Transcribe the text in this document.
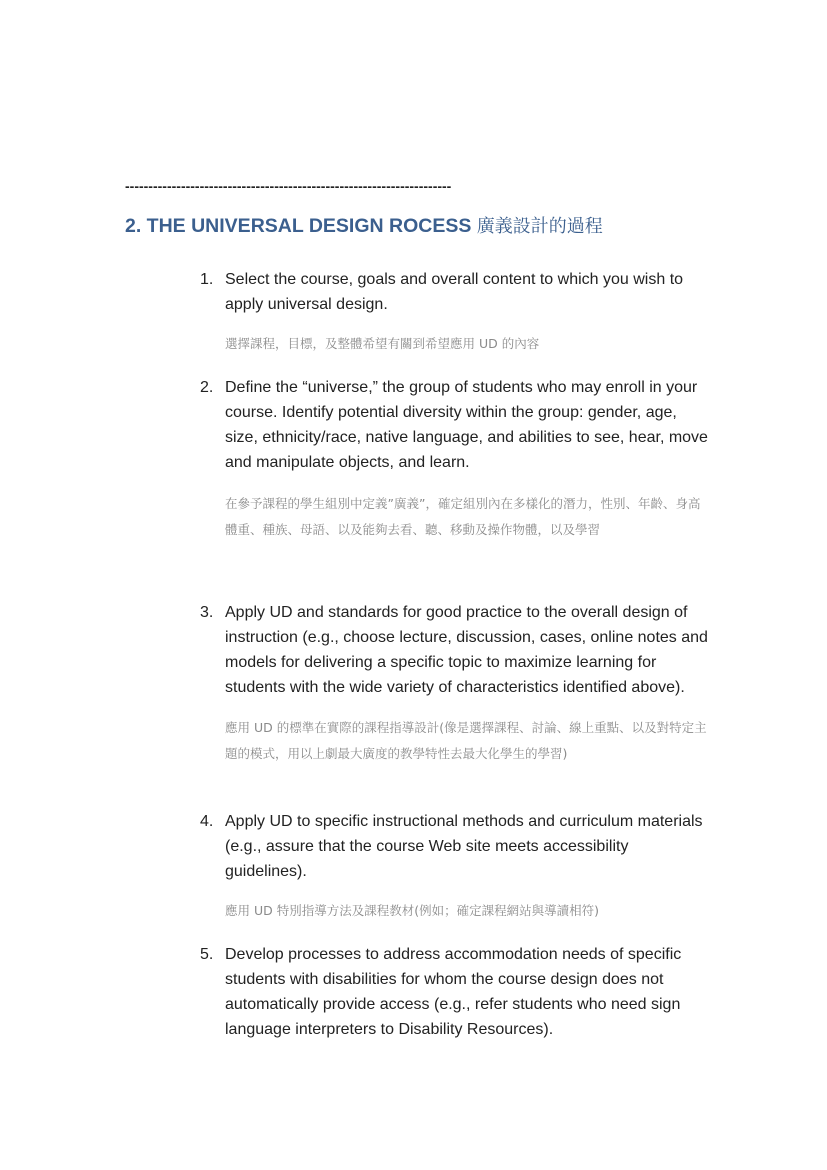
----------------------------------------------------------------------
2. THE UNIVERSAL DESIGN ROCESS 廣義設計的過程
1. Select the course, goals and overall content to which you wish to apply universal design.
選擇課程，目標，及整體希望有關到希望應用 UD 的內容
2. Define the “universe,” the group of students who may enroll in your course. Identify potential diversity within the group: gender, age, size, ethnicity/race, native language, and abilities to see, hear, move and manipulate objects, and learn.
在參予課程的學生組別中定義”廣義”，確定組別內在多樣化的潛力，性別、年齡、身高體重、種族、母語、以及能夠去看、聽、移動及操作物體，以及學習
3. Apply UD and standards for good practice to the overall design of instruction (e.g., choose lecture, discussion, cases, online notes and models for delivering a specific topic to maximize learning for students with the wide variety of characteristics identified above).
應用 UD 的標準在實際的課程指導設計(像是選擇課程、討論、線上重點、以及對特定主題的模式，用以上劇最大廣度的教學特性去最大化學生的學習)
4. Apply UD to specific instructional methods and curriculum materials (e.g., assure that the course Web site meets accessibility guidelines).
應用 UD 特別指導方法及課程教材(例如；確定課程網站與導讀相符)
5. Develop processes to address accommodation needs of specific students with disabilities for whom the course design does not automatically provide access (e.g., refer students who need sign language interpreters to Disability Resources).
